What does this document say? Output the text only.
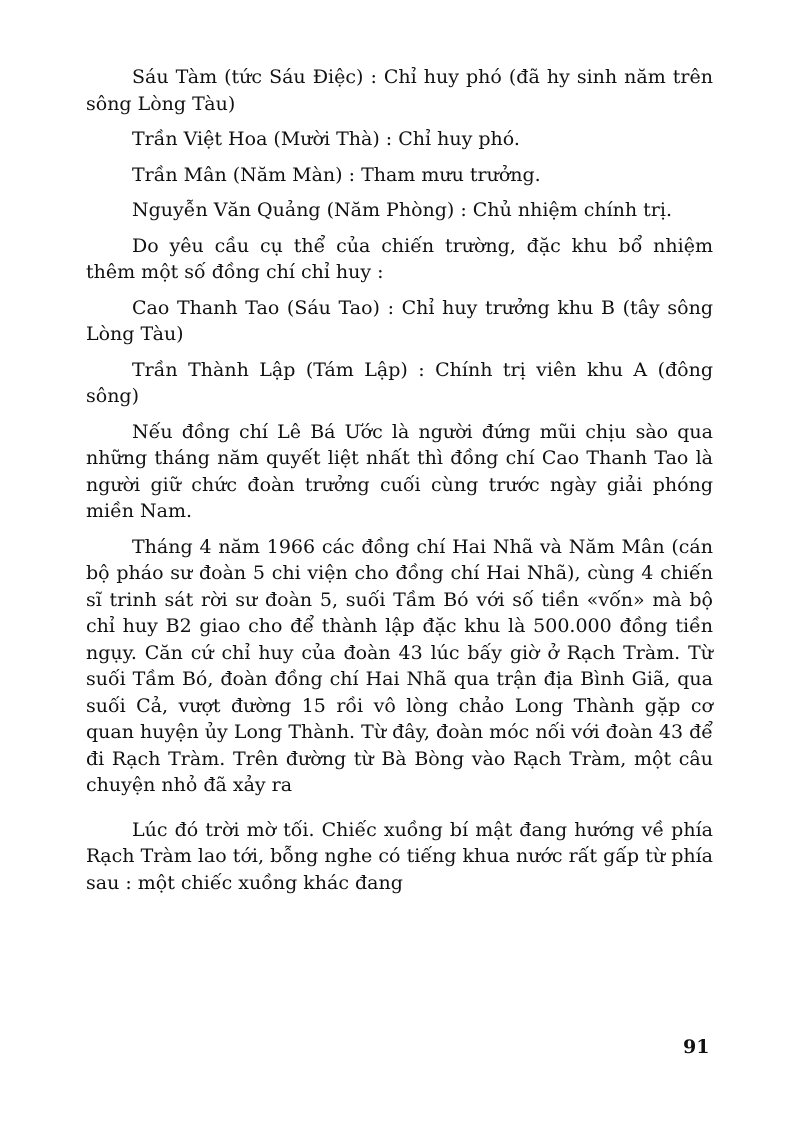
Sáu Tàm (tức Sáu Điệc) : Chỉ huy phó (đã hy sinh năm trên sông Lòng Tàu)

Trần Việt Hoa (Mười Thà) : Chỉ huy phó.

Trần Mân (Năm Màn) : Tham mưu trưởng.

Nguyễn Văn Quảng (Năm Phòng) : Chủ nhiệm chính trị.

Do yêu cầu cụ thể của chiến trường, đặc khu bổ nhiệm thêm một số đồng chí chỉ huy :

Cao Thanh Tao (Sáu Tao) : Chỉ huy trưởng khu B (tây sông Lòng Tàu)

Trần Thành Lập (Tám Lập) : Chính trị viên khu A (đông sông)

Nếu đồng chí Lê Bá Ước là người đứng mũi chịu sào qua những tháng năm quyết liệt nhất thì đồng chí Cao Thanh Tao là người giữ chức đoàn trưởng cuối cùng trước ngày giải phóng miền Nam.

Tháng 4 năm 1966 các đồng chí Hai Nhã và Năm Mân (cán bộ pháo sư đoàn 5 chi viện cho đồng chí Hai Nhã), cùng 4 chiến sĩ trinh sát rời sư đoàn 5, suối Tầm Bó với số tiền «vốn» mà bộ chỉ huy B2 giao cho để thành lập đặc khu là 500.000 đồng tiền ngụy. Căn cứ chỉ huy của đoàn 43 lúc bấy giờ ở Rạch Tràm. Từ suối Tầm Bó, đoàn đồng chí Hai Nhã qua trận địa Bình Giã, qua suối Cả, vượt đường 15 rồi vô lòng chảo Long Thành gặp cơ quan huyện ủy Long Thành. Từ đây, đoàn móc nối với đoàn 43 để đi Rạch Tràm. Trên đường từ Bà Bòng vào Rạch Tràm, một câu chuyện nhỏ đã xảy ra

Lúc đó trời mờ tối. Chiếc xuồng bí mật đang hướng về phía Rạch Tràm lao tới, bỗng nghe có tiếng khua nước rất gấp từ phía sau : một chiếc xuồng khác đang

91
